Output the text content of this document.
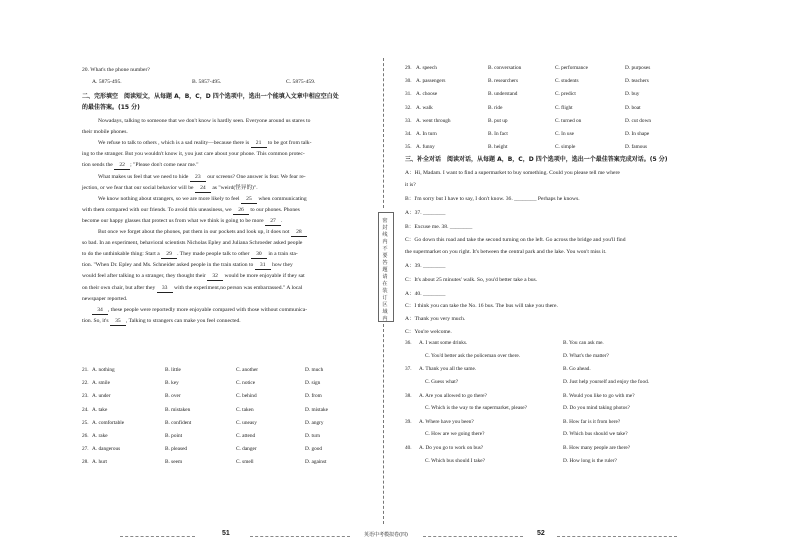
20. What's the phone number?
A. 5875-495.	B. 5857-495.	C. 5875-459.
二、完形填空　阅读短文，从每题 A，B，C，D 四个选项中，选出一个能填入文章中相应空白处
的最佳答案。(15 分)
Nowadays, talking to someone that we don't know is hardly seen. Everyone around us stares to
their mobile phones.
We refuse to talk to others , which is a sad reality—because there is 21 to be got from talk-
ing to the stranger. But you wouldn't know it, you just care about your phone. This common protec-
tion sends the 22 ; "Please don't come near me."
What makes us feel that we need to hide 23 our screens? One answer is fear. We fear re-
jection, or we fear that our social behavior will be 24 as "weird(怪异的)".
We know nothing about strangers, so we are more likely to feel 25 when communicating
with them compared with our friends. To avoid this uneasiness, we 26 to our phones. Phones
become our happy glasses that protect us from what we think is going to be more 27 .
But once we forget about the phones, put them in our pockets and look up, it does not 28
so bad. In an experiment, behavioral scientists Nicholas Epley and Juliana Schroeder asked people
to do the unthinkable thing: Start a 29 . They made people talk to other 30 in a train sta-
tion. "When Dr. Epley and Ms. Schneider asked people in the train station to 31 how they
would feel after talking to a stranger, they thought their 32 would be more enjoyable if they sat
on their own chair, but after they 33 with the experiment,no person was embarrassed." A local
newspaper reported.
34 , these people were reportedly more enjoyable compared with those without communica-
tion. So, it's 35 , Talking to strangers can make you feel connected.
21. A. nothing	B. little	C. another	D. much
22. A. smile	B. key	C. notice	D. sign
23. A. under	B. over	C. behind	D. from
24. A. take	B. mistaken	C. taken	D. mistake
25. A. comfortable	B. confident	C. uneasy	D. angry
26. A. rake	B. point	C. attend	D. turn
27. A. dangerous	B. pleased	C. danger	D. good
28. A. hurt	B. seem	C. smell	D. against
51
密封线内不要答题请在装订区域内
英语中考模拟卷(四)
29. A. speech	B. conversation	C. performance	D. purposes
30. A. passengers	B. researchers	C. students	D. teachers
31. A. choose	B. understand	C. predict	D. buy
32. A. walk	B. ride	C. flight	D. boat
33. A. went through	B. put up	C. turned on	D. cut down
34. A. In turn	B. In fact	C. In use	D. In shape
35. A. funny	B. height	C. simple	D. famous
三、补全对话　阅读对话，从每题 A，B，C，D 四个选项中，选出一个最佳答案完成对话。(5 分)
A：Hi, Madam. I want to find a supermarket to buy something. Could you please tell me where
it is?
B：I'm sorry but I have to say, I don't know. 36. ________ Perhaps he knows.
A：37. ________
B：Excuse me. 38. ________
C：Go down this road and take the second turning on the left. Go across the bridge and you'll find
the supermarket on you right. It's between the central park and the lake. You won't miss it.
A：39. ________
C：It's about 25 minutes' walk. So, you'd better take a bus.
A：40. ________
C：I think you can take the No. 16 bus. The bus will take you there.
A：Thank you very much.
C：You're welcome.
36. A. I want some drinks.	B. You can ask me.
C. You'd better ask the policeman over there.	D. What's the matter?
37. A. Thank you all the same.	B. Go ahead.
C. Guess what?	D. Just help yourself and enjoy the food.
38. A. Are you allowed to go there?	B. Would you like to go with me?
C. Which is the way to the supermarket, please?	D. Do you mind taking photos?
39. A. Where have you been?	B. How far is it from here?
C. How are we going there?	D. Which bus should we take?
40. A. Do you go to work on bus?	B. How many people are there?
C. Which bus should I take?	D. How long is the ruler?
52
